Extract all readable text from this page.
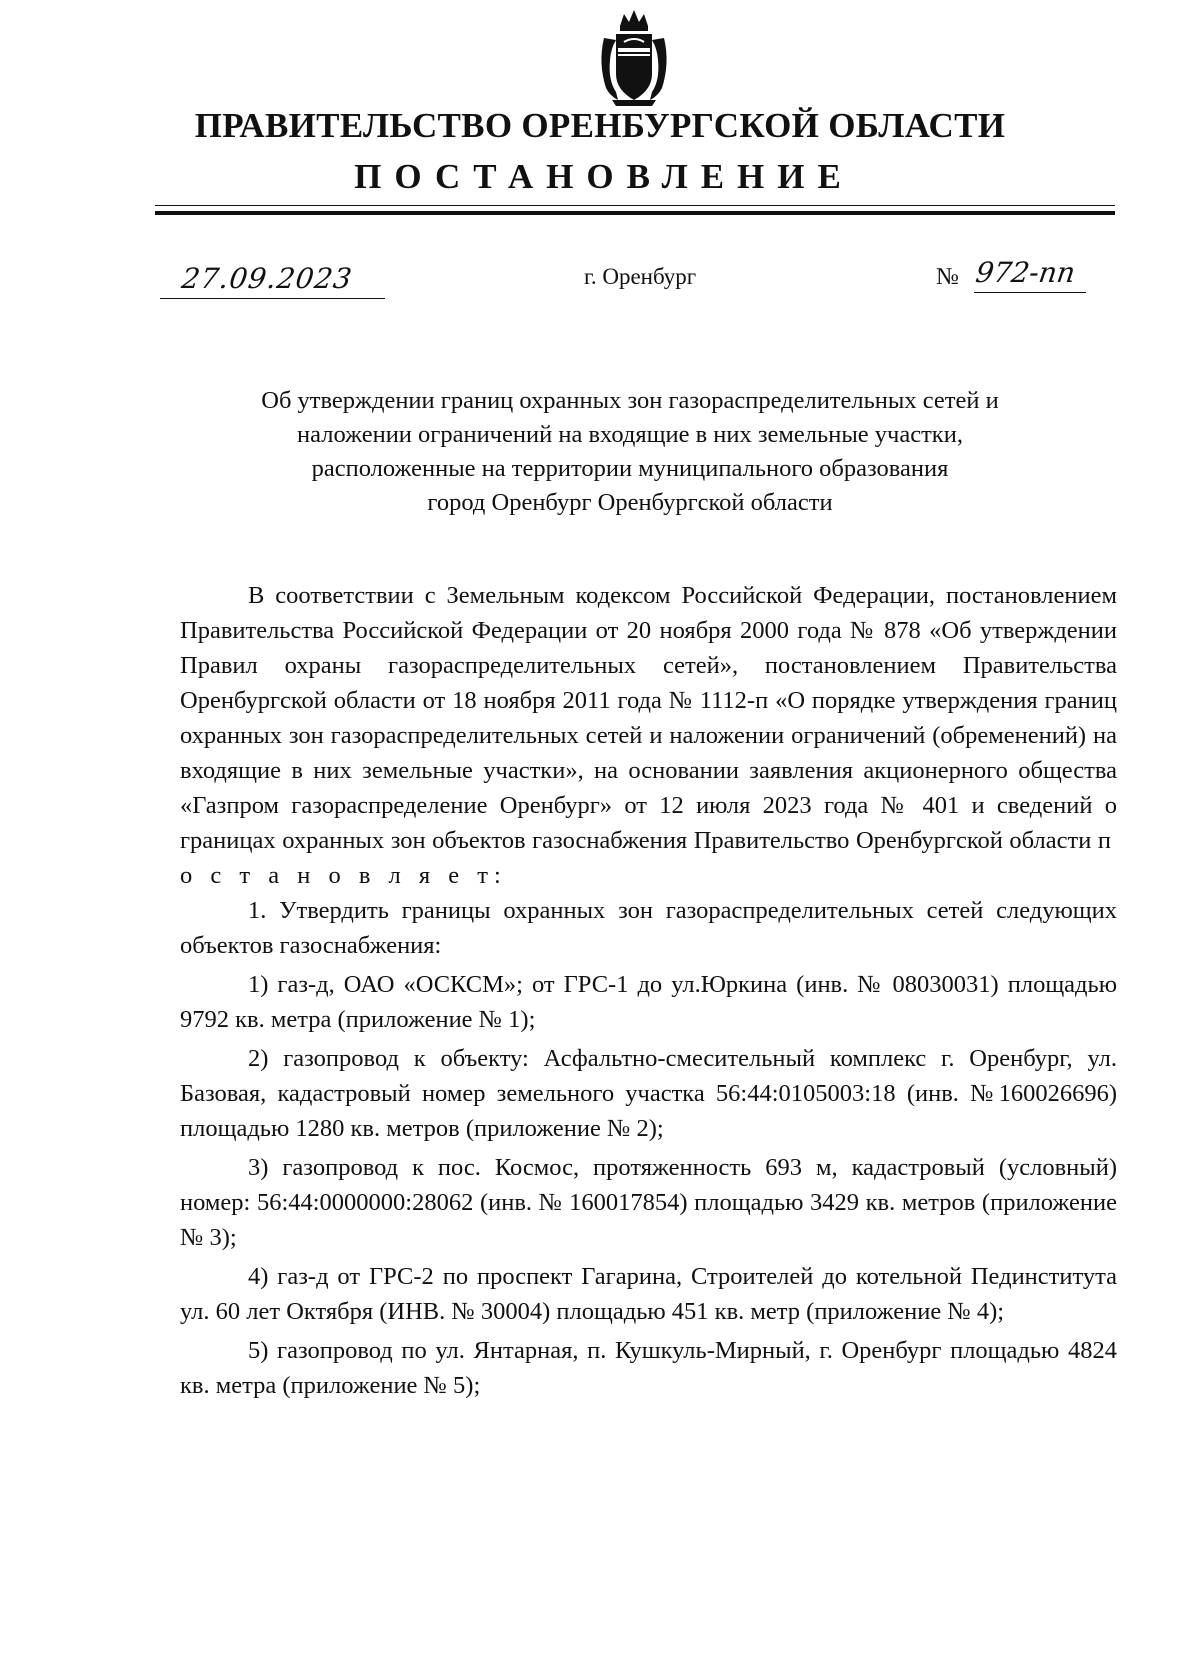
ПРАВИТЕЛЬСТВО ОРЕНБУРГСКОЙ ОБЛАСТИ
ПОСТАНОВЛЕНИЕ
27.09.2023	г. Оренбург	№ 972-пп
Об утверждении границ охранных зон газораспределительных сетей и
наложении ограничений на входящие в них земельные участки,
расположенные на территории муниципального образования
город Оренбург Оренбургской области

В соответствии с Земельным кодексом Российской Федерации, постановлением Правительства Российской Федерации от 20 ноября 2000 года № 878 «Об утверждении Правил охраны газораспределительных сетей», постановлением Правительства Оренбургской области от 18 ноября 2011 года № 1112-п «О порядке утверждения границ охранных зон газораспределительных сетей и наложении ограничений (обременений) на входящие в них земельные участки», на основании заявления акционерного общества «Газпром газораспределение Оренбург» от 12 июля 2023 года № 401 и сведений о границах охранных зон объектов газоснабжения Правительство Оренбургской области п о с т а н о в л я е т:

1. Утвердить границы охранных зон газораспределительных сетей следующих объектов газоснабжения:

1) газ-д, ОАО «ОСКСМ»; от ГРС-1 до ул.Юркина (инв. № 08030031) площадью 9792 кв. метра (приложение № 1);

2) газопровод к объекту: Асфальтно-смесительный комплекс г. Оренбург, ул. Базовая, кадастровый номер земельного участка 56:44:0105003:18 (инв. №160026696) площадью 1280 кв. метров (приложение № 2);

3) газопровод к пос. Космос, протяженность 693 м, кадастровый (условный) номер: 56:44:0000000:28062 (инв. № 160017854) площадью 3429 кв. метров (приложение № 3);

4) газ-д от ГРС-2 по проспект Гагарина, Строителей до котельной Пединститута ул. 60 лет Октября (ИНВ. № 30004) площадью 451 кв. метр (приложение № 4);

5) газопровод по ул. Янтарная, п. Кушкуль-Мирный, г. Оренбург площадью 4824 кв. метра (приложение № 5);
